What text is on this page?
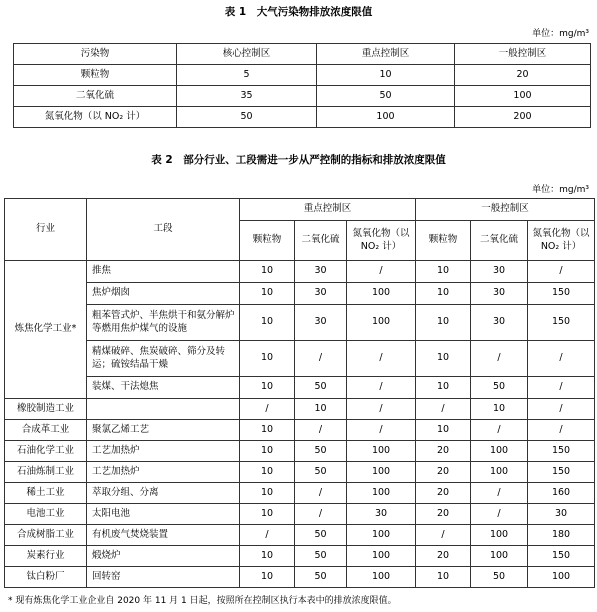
表 1　大气污染物排放浓度限值
单位：mg/m³
污染物	核心控制区	重点控制区	一般控制区
颗粒物	5	10	20
二氧化硫	35	50	100
氮氧化物（以 NO₂ 计）	50	100	200
表 2　部分行业、工段需进一步从严控制的指标和排放浓度限值
单位：mg/m³
行业	工段	重点控制区			一般控制区		
		颗粒物	二氧化硫	氮氧化物（以 NO₂ 计）	颗粒物	二氧化硫	氮氧化物（以 NO₂ 计）
炼焦化学工业*	推焦	10	30	/	10	30	/
	焦炉烟囱	10	30	100	10	30	150
	粗苯管式炉、半焦烘干和氨分解炉等燃用焦炉煤气的设施	10	30	100	10	30	150
	精煤破碎、焦炭破碎、筛分及转运；硫铵结晶干燥	10	/	/	10	/	/
	装煤、干法熄焦	10	50	/	10	50	/
橡胶制造工业		/	10	/	/	10	/
合成革工业	聚氯乙烯工艺	10	/	/	10	/	/
石油化学工业	工艺加热炉	10	50	100	20	100	150
石油炼制工业	工艺加热炉	10	50	100	20	100	150
稀土工业	萃取分组、分离	10	/	100	20	/	160
电池工业	太阳电池	10	/	30	20	/	30
合成树脂工业	有机废气焚烧装置	/	50	100	/	100	180
炭素行业	煅烧炉	10	50	100	20	100	150
钛白粉厂	回转窑	10	50	100	10	50	100
* 现有炼焦化学工业企业自 2020 年 11 月 1 日起，按照所在控制区执行本表中的排放浓度限值。
